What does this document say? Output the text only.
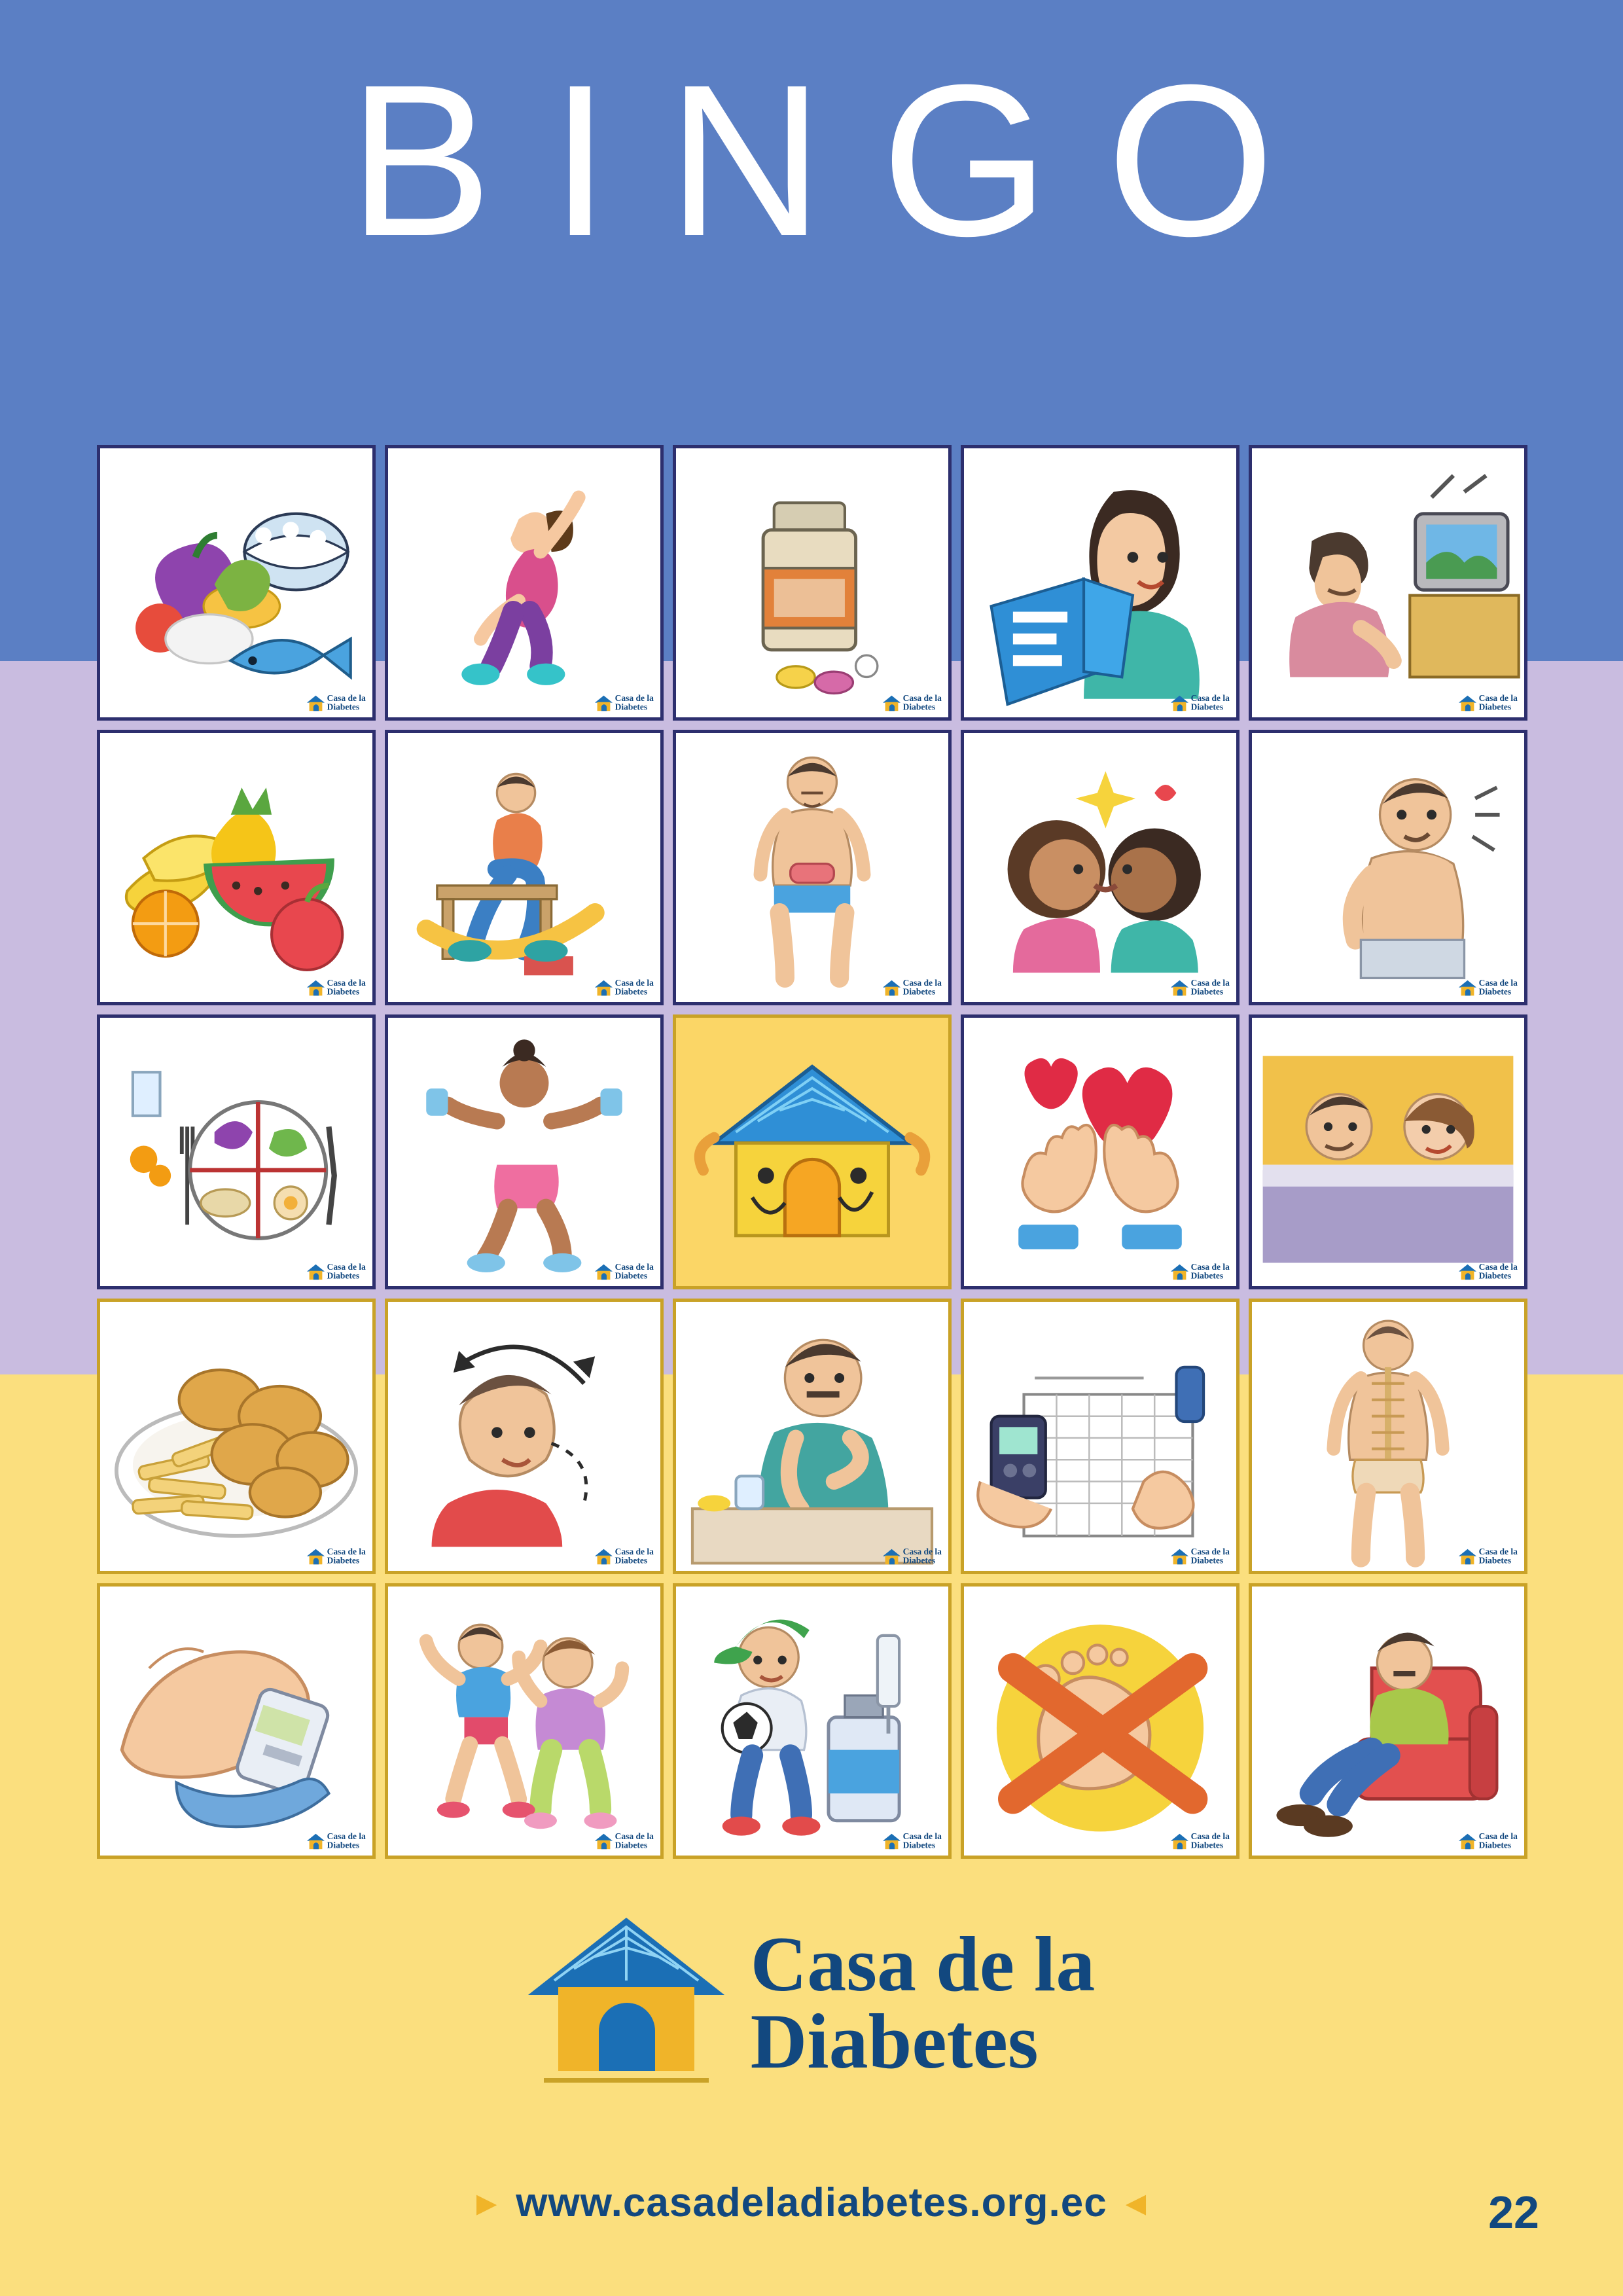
BINGO
Casa de la
Diabetes
Casa de la
Diabetes
Casa de la
Diabetes
Casa de la
Diabetes
Casa de la
Diabetes
Casa de la
Diabetes
Casa de la
Diabetes
Casa de la
Diabetes
Casa de la
Diabetes
Casa de la
Diabetes
Casa de la
Diabetes
Casa de la
Diabetes
Casa de la
Diabetes
Casa de la
Diabetes
Casa de la
Diabetes
Casa de la
Diabetes
Casa de la
Diabetes
Casa de la
Diabetes
Casa de la
Diabetes
Casa de la
Diabetes
Casa de la
Diabetes
Casa de la
Diabetes
Casa de la
Diabetes
Casa de la
Diabetes
Casa de la
Diabetes
► www.casadeladiabetes.org.ec ◄	22
